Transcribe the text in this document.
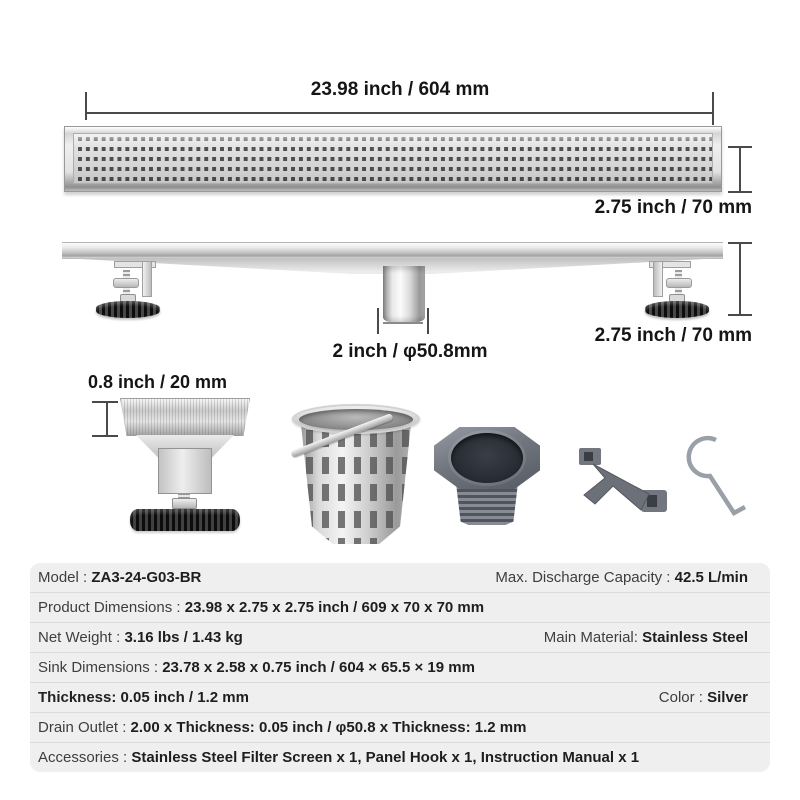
23.98 inch / 604 mm
2.75 inch / 70 mm
2.75 inch / 70 mm
2 inch / φ50.8mm
0.8 inch / 20 mm
Model : ZA3-24-G03-BR	Max. Discharge Capacity : 42.5 L/min
Product Dimensions : 23.98 x 2.75 x 2.75 inch / 609 x 70 x 70 mm
Net Weight : 3.16 lbs / 1.43 kg	Main Material: Stainless Steel
Sink Dimensions : 23.78 x 2.58 x 0.75 inch / 604 × 65.5 × 19 mm
Thickness: 0.05 inch / 1.2 mm	Color : Silver
Drain Outlet : 2.00 x Thickness: 0.05 inch / φ50.8 x Thickness: 1.2 mm
Accessories : Stainless Steel Filter Screen x 1, Panel Hook x 1, Instruction Manual x 1
